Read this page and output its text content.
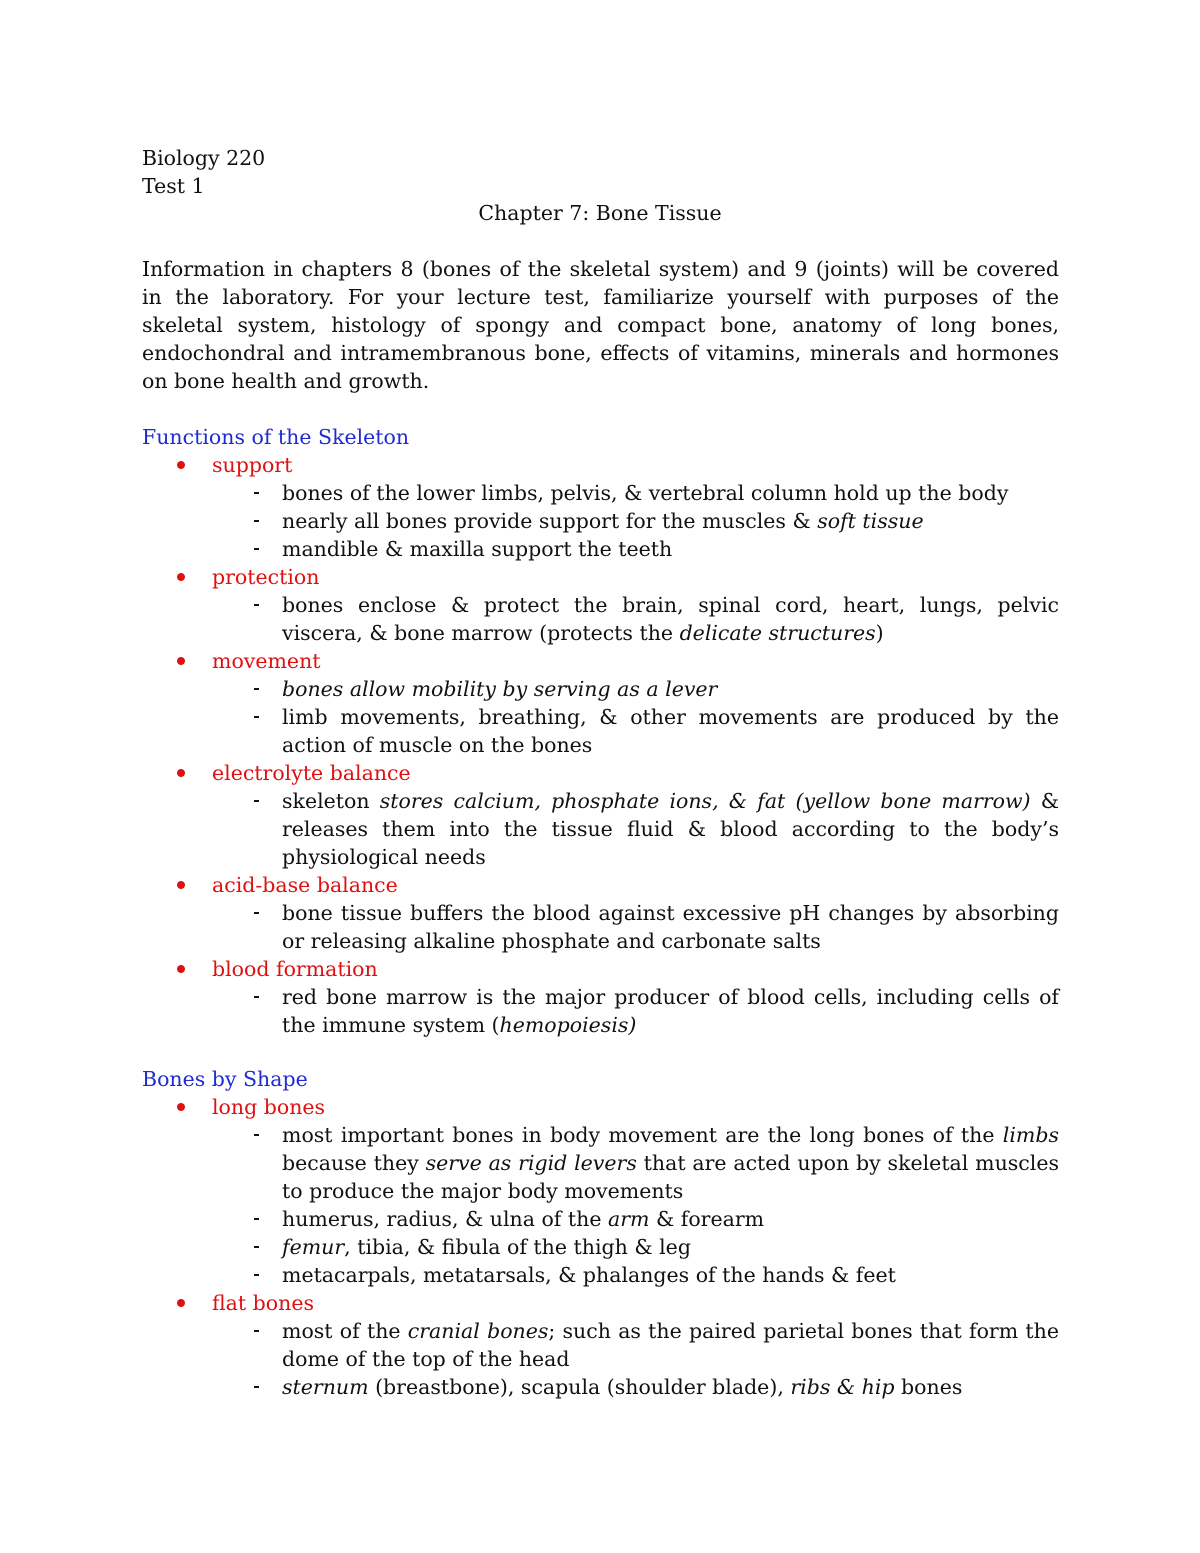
Biology 220
Test 1
Chapter 7: Bone Tissue

Information in chapters 8 (bones of the skeletal system) and 9 (joints) will be covered in the laboratory. For your lecture test, familiarize yourself with purposes of the skeletal system, histology of spongy and compact bone, anatomy of long bones, endochondral and intramembranous bone, effects of vitamins, minerals and hormones on bone health and growth.

Functions of the Skeleton
support
bones of the lower limbs, pelvis, & vertebral column hold up the body
nearly all bones provide support for the muscles & soft tissue
mandible & maxilla support the teeth
protection
bones enclose & protect the brain, spinal cord, heart, lungs, pelvic viscera, & bone marrow (protects the delicate structures)
movement
bones allow mobility by serving as a lever
limb movements, breathing, & other movements are produced by the action of muscle on the bones
electrolyte balance
skeleton stores calcium, phosphate ions, & fat (yellow bone marrow) & releases them into the tissue fluid & blood according to the body’s physiological needs
acid-base balance
bone tissue buffers the blood against excessive pH changes by absorbing or releasing alkaline phosphate and carbonate salts
blood formation
red bone marrow is the major producer of blood cells, including cells of the immune system (hemopoiesis)
Bones by Shape
long bones
most important bones in body movement are the long bones of the limbs because they serve as rigid levers that are acted upon by skeletal muscles to produce the major body movements
humerus, radius, & ulna of the arm & forearm
femur, tibia, & fibula of the thigh & leg
metacarpals, metatarsals, & phalanges of the hands & feet
flat bones
most of the cranial bones; such as the paired parietal bones that form the dome of the top of the head
sternum (breastbone), scapula (shoulder blade), ribs & hip bones
